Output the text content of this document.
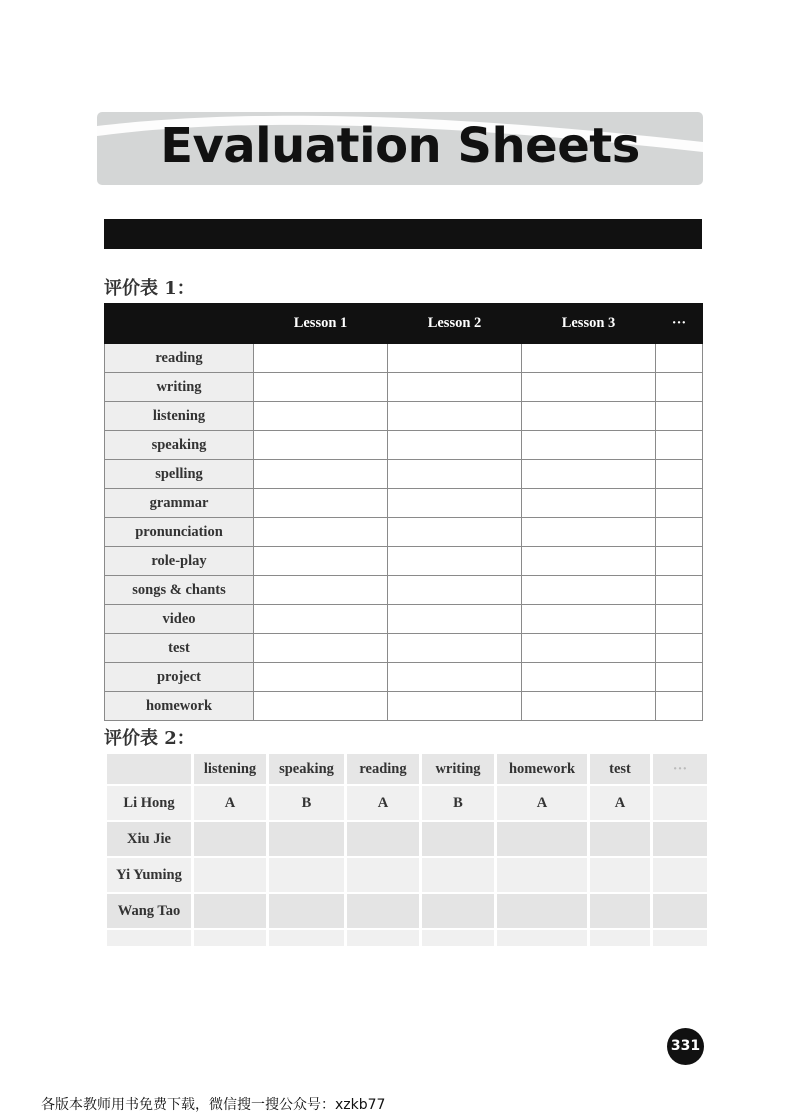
Evaluation Sheets
评价表 1：
	Lesson 1	Lesson 2	Lesson 3	···
reading				
writing				
listening				
speaking				
spelling				
grammar				
pronunciation				
role-play				
songs & chants				
video				
test				
project				
homework				
评价表 2：
	listening	speaking	reading	writing	homework	test	···
Li Hong	A	B	A	B	A	A	
Xiu Jie							
Yi Yuming							
Wang Tao							

331
各版本教师用书免费下载，微信搜一搜公众号：xzkb77
